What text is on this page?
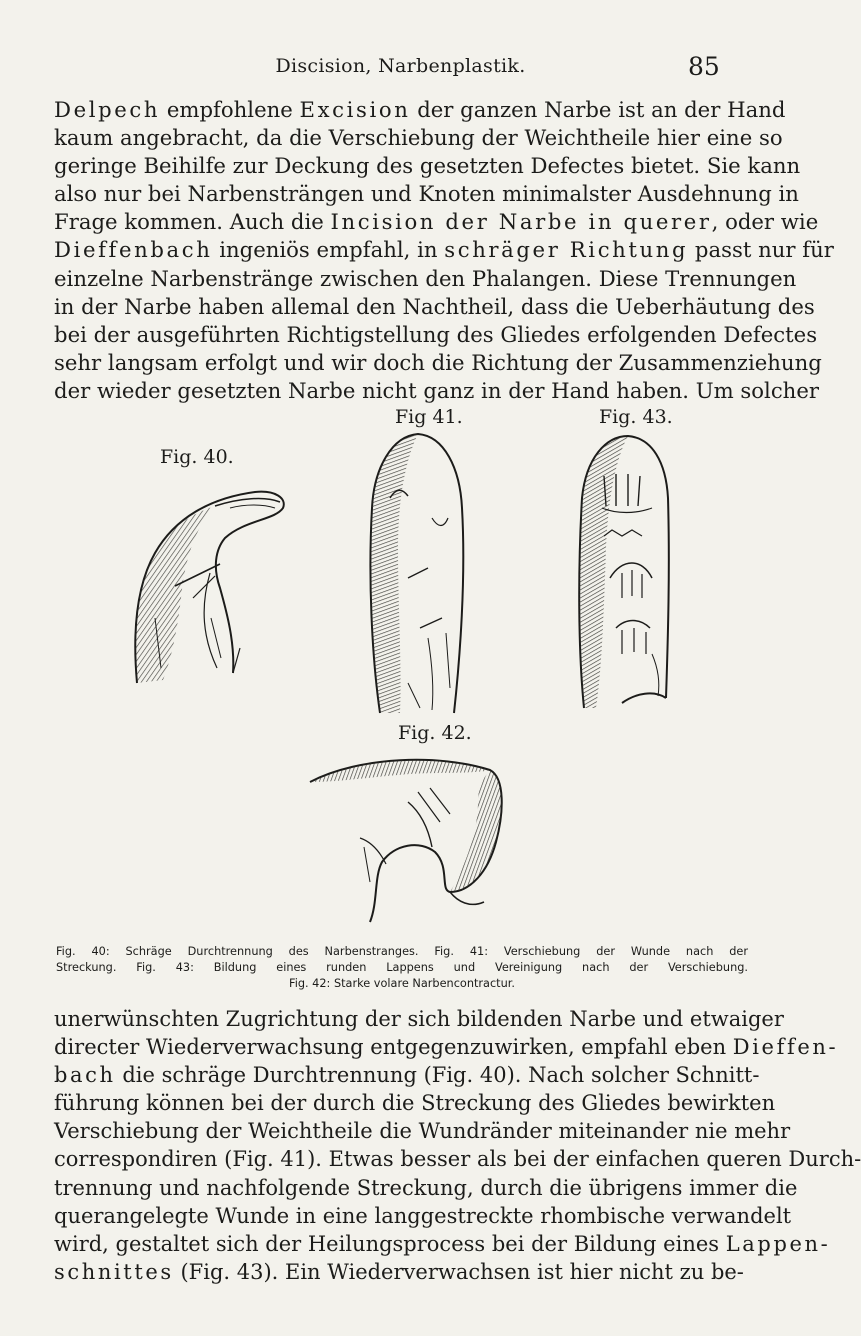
Discision, Narbenplastik.	85
Delpech empfohlene Excision der ganzen Narbe ist an der Hand
kaum angebracht, da die Verschiebung der Weichtheile hier eine so
geringe Beihilfe zur Deckung des gesetzten Defectes bietet. Sie kann
also nur bei Narbensträngen und Knoten minimalster Ausdehnung in
Frage kommen. Auch die Incision der Narbe in querer, oder wie
Dieffenbach ingeniös empfahl, in schräger Richtung passt nur für
einzelne Narbenstränge zwischen den Phalangen. Diese Trennungen
in der Narbe haben allemal den Nachtheil, dass die Ueberhäutung des
bei der ausgeführten Richtigstellung des Gliedes erfolgenden Defectes
sehr langsam erfolgt und wir doch die Richtung der Zusammenziehung
der wieder gesetzten Narbe nicht ganz in der Hand haben. Um solcher
Fig 41.	Fig. 43.
Fig. 40.
Fig. 42.
Fig. 40: Schräge Durchtrennung des Narbenstranges. Fig. 41: Verschiebung der Wunde nach der
Streckung. Fig. 43: Bildung eines runden Lappens und Vereinigung nach der Verschiebung.
Fig. 42: Starke volare Narbencontractur.
unerwünschten Zugrichtung der sich bildenden Narbe und etwaiger
directer Wiederverwachsung entgegenzuwirken, empfahl eben Dieffen-
bach die schräge Durchtrennung (Fig. 40). Nach solcher Schnitt-
führung können bei der durch die Streckung des Gliedes bewirkten
Verschiebung der Weichtheile die Wundränder miteinander nie mehr
correspondiren (Fig. 41). Etwas besser als bei der einfachen queren Durch-
trennung und nachfolgende Streckung, durch die übrigens immer die
querangelegte Wunde in eine langgestreckte rhombische verwandelt
wird, gestaltet sich der Heilungsprocess bei der Bildung eines Lappen-
schnittes (Fig. 43). Ein Wiederverwachsen ist hier nicht zu be-
